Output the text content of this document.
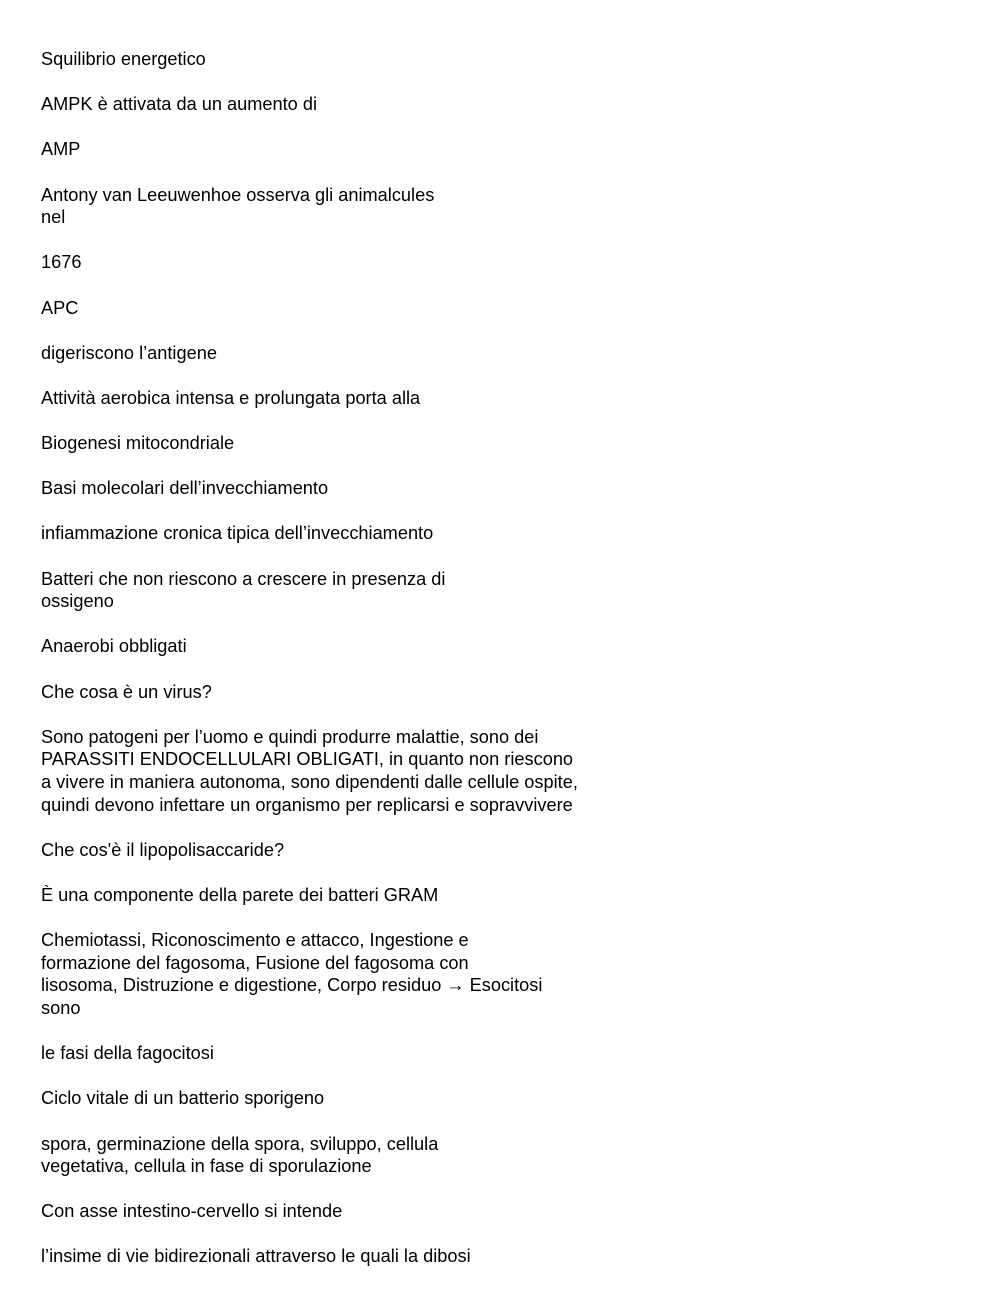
Squilibrio energetico

AMPK è attivata da un aumento di

AMP

Antony van Leeuwenhoe osserva gli animalcules
nel

1676

APC

digeriscono l’antigene

Attività aerobica intensa e prolungata porta alla

Biogenesi mitocondriale

Basi molecolari dell’invecchiamento

infiammazione cronica tipica dell’invecchiamento

Batteri che non riescono a crescere in presenza di
ossigeno

Anaerobi obbligati

Che cosa è un virus?

Sono patogeni per l’uomo e quindi produrre malattie, sono dei
PARASSITI ENDOCELLULARI OBLIGATI, in quanto non riescono
a vivere in maniera autonoma, sono dipendenti dalle cellule ospite,
quindi devono infettare un organismo per replicarsi e sopravvivere

Che cos'è il lipopolisaccaride?

È una componente della parete dei batteri GRAM

Chemiotassi, Riconoscimento e attacco, Ingestione e
formazione del fagosoma, Fusione del fagosoma con
lisosoma, Distruzione e digestione, Corpo residuo → Esocitosi
sono

le fasi della fagocitosi

Ciclo vitale di un batterio sporigeno

spora, germinazione della spora, sviluppo, cellula
vegetativa, cellula in fase di sporulazione

Con asse intestino-cervello si intende

l’insime di vie bidirezionali attraverso le quali la dibosi
